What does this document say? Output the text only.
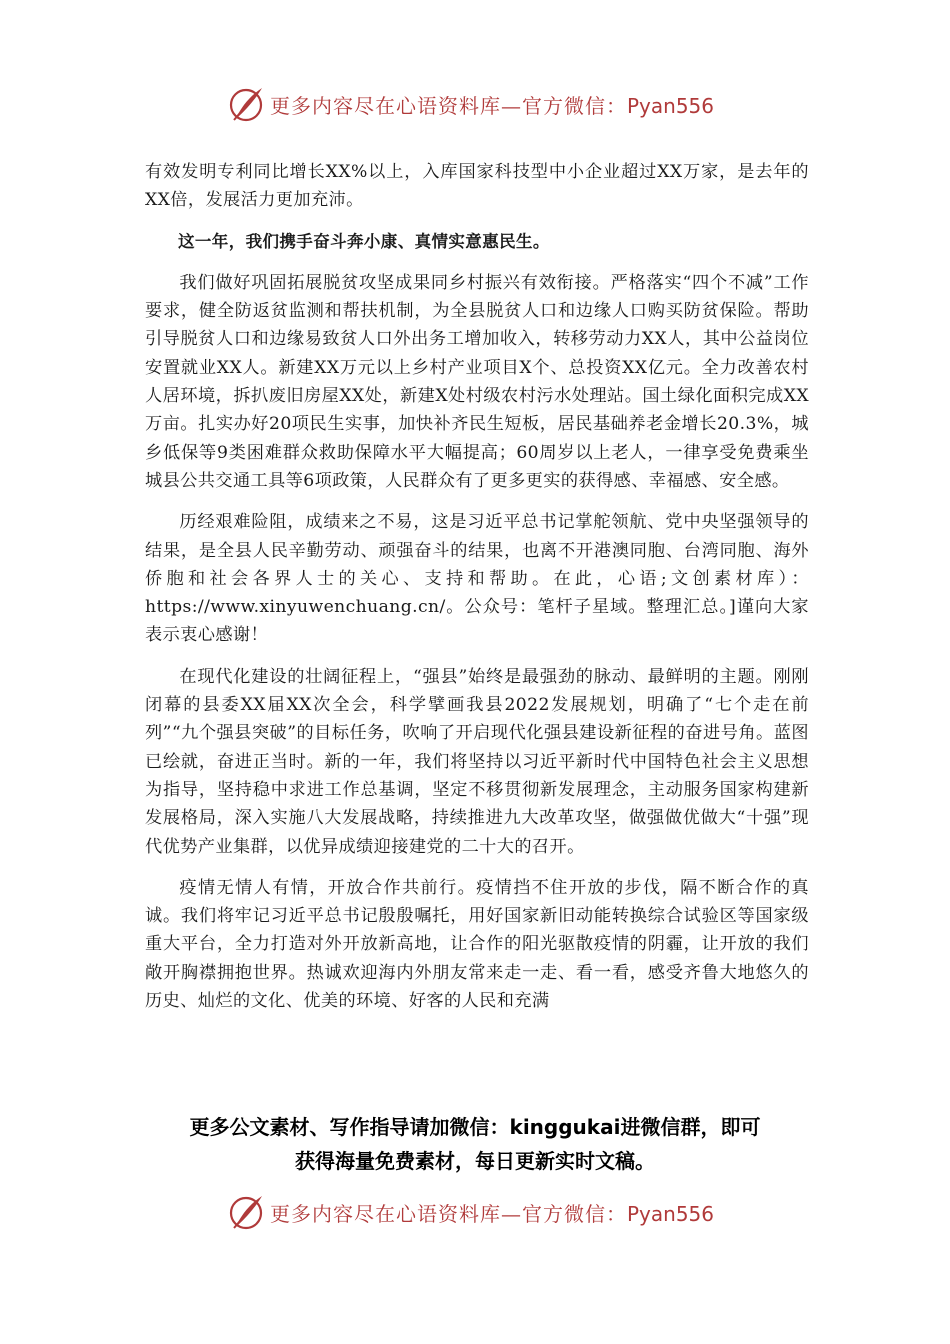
更多内容尽在心语资料库—官方微信：Pyan556

有效发明专利同比增长XX%以上，入库国家科技型中小企业超过XX万家，是去年的XX倍，发展活力更加充沛。

这一年，我们携手奋斗奔小康、真情实意惠民生。

我们做好巩固拓展脱贫攻坚成果同乡村振兴有效衔接。严格落实“四个不减”工作要求，健全防返贫监测和帮扶机制，为全县脱贫人口和边缘人口购买防贫保险。帮助引导脱贫人口和边缘易致贫人口外出务工增加收入，转移劳动力XX人，其中公益岗位安置就业XX人。新建XX万元以上乡村产业项目X个、总投资XX亿元。全力改善农村人居环境，拆扒废旧房屋XX处，新建X处村级农村污水处理站。国土绿化面积完成XX万亩。扎实办好20项民生实事，加快补齐民生短板，居民基础养老金增长20.3%，城乡低保等9类困难群众救助保障水平大幅提高；60周岁以上老人，一律享受免费乘坐城县公共交通工具等6项政策，人民群众有了更多更实的获得感、幸福感、安全感。

历经艰难险阻，成绩来之不易，这是习近平总书记掌舵领航、党中央坚强领导的结果，是全县人民辛勤劳动、顽强奋斗的结果，也离不开港澳同胞、台湾同胞、海外侨胞和社会各界人士的关心、支持和帮助。在此，心语;文创素材库）：https://www.xinyuwenchuang.cn/。公众号：笔杆子星域。整理汇总。]谨向大家表示衷心感谢！

在现代化建设的壮阔征程上，“强县”始终是最强劲的脉动、最鲜明的主题。刚刚闭幕的县委XX届XX次全会，科学擘画我县2022发展规划，明确了“七个走在前列”“九个强县突破”的目标任务，吹响了开启现代化强县建设新征程的奋进号角。蓝图已绘就，奋进正当时。新的一年，我们将坚持以习近平新时代中国特色社会主义思想为指导，坚持稳中求进工作总基调，坚定不移贯彻新发展理念，主动服务国家构建新发展格局，深入实施八大发展战略，持续推进九大改革攻坚，做强做优做大“十强”现代优势产业集群，以优异成绩迎接建党的二十大的召开。

疫情无情人有情，开放合作共前行。疫情挡不住开放的步伐，隔不断合作的真诚。我们将牢记习近平总书记殷殷嘱托，用好国家新旧动能转换综合试验区等国家级重大平台，全力打造对外开放新高地，让合作的阳光驱散疫情的阴霾，让开放的我们敞开胸襟拥抱世界。热诚欢迎海内外朋友常来走一走、看一看，感受齐鲁大地悠久的历史、灿烂的文化、优美的环境、好客的人民和充满

更多公文素材、写作指导请加微信：kinggukai进微信群，即可
获得海量免费素材，每日更新实时文稿。
更多内容尽在心语资料库—官方微信：Pyan556
